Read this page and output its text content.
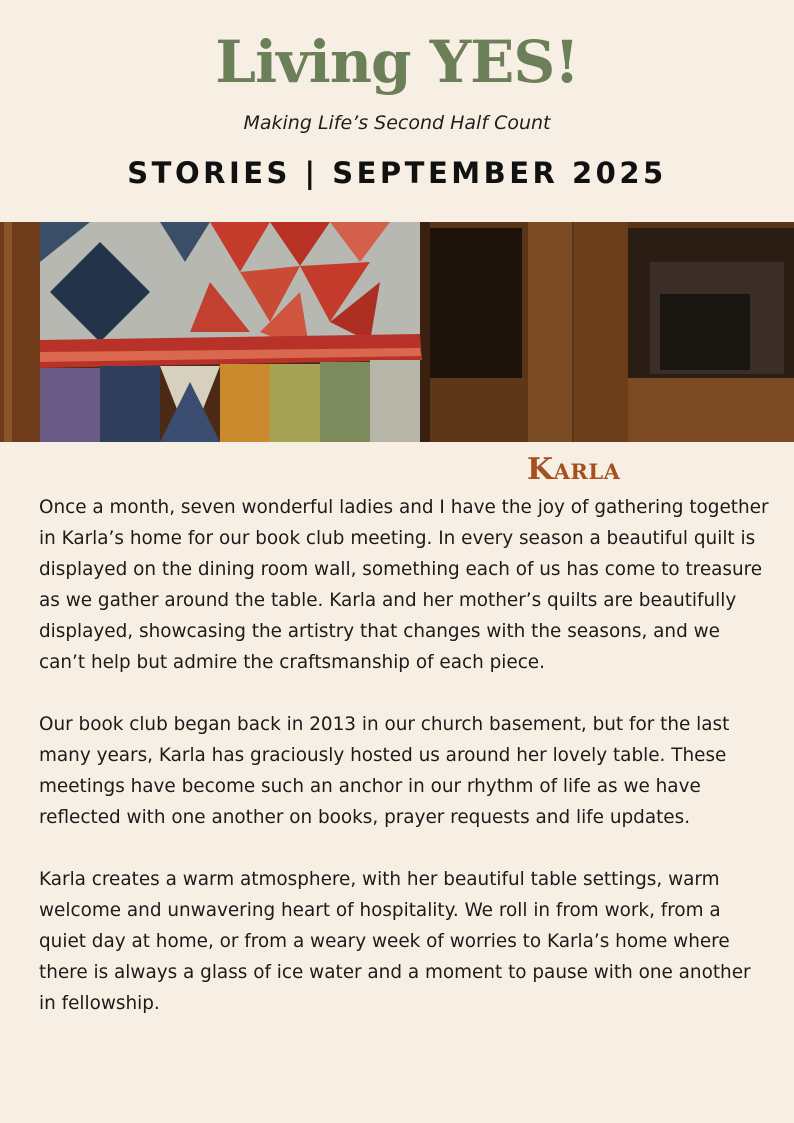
Living YES!
Making Life’s Second Half Count
STORIES | SEPTEMBER 2025
Karla

Once a month, seven wonderful ladies and I have the joy of gathering together in Karla’s home for our book club meeting. In every season a beautiful quilt is displayed on the dining room wall, something each of us has come to treasure as we gather around the table. Karla and her mother’s quilts are beautifully displayed, showcasing the artistry that changes with the seasons, and we can’t help but admire the craftsmanship of each piece.

Our book club began back in 2013 in our church basement, but for the last many years, Karla has graciously hosted us around her lovely table. These meetings have become such an anchor in our rhythm of life as we have reflected with one another on books, prayer requests and life updates.

Karla creates a warm atmosphere, with her beautiful table settings, warm welcome and unwavering heart of hospitality. We roll in from work, from a quiet day at home, or from a weary week of worries to Karla’s home where there is always a glass of ice water and a moment to pause with one another in fellowship.
